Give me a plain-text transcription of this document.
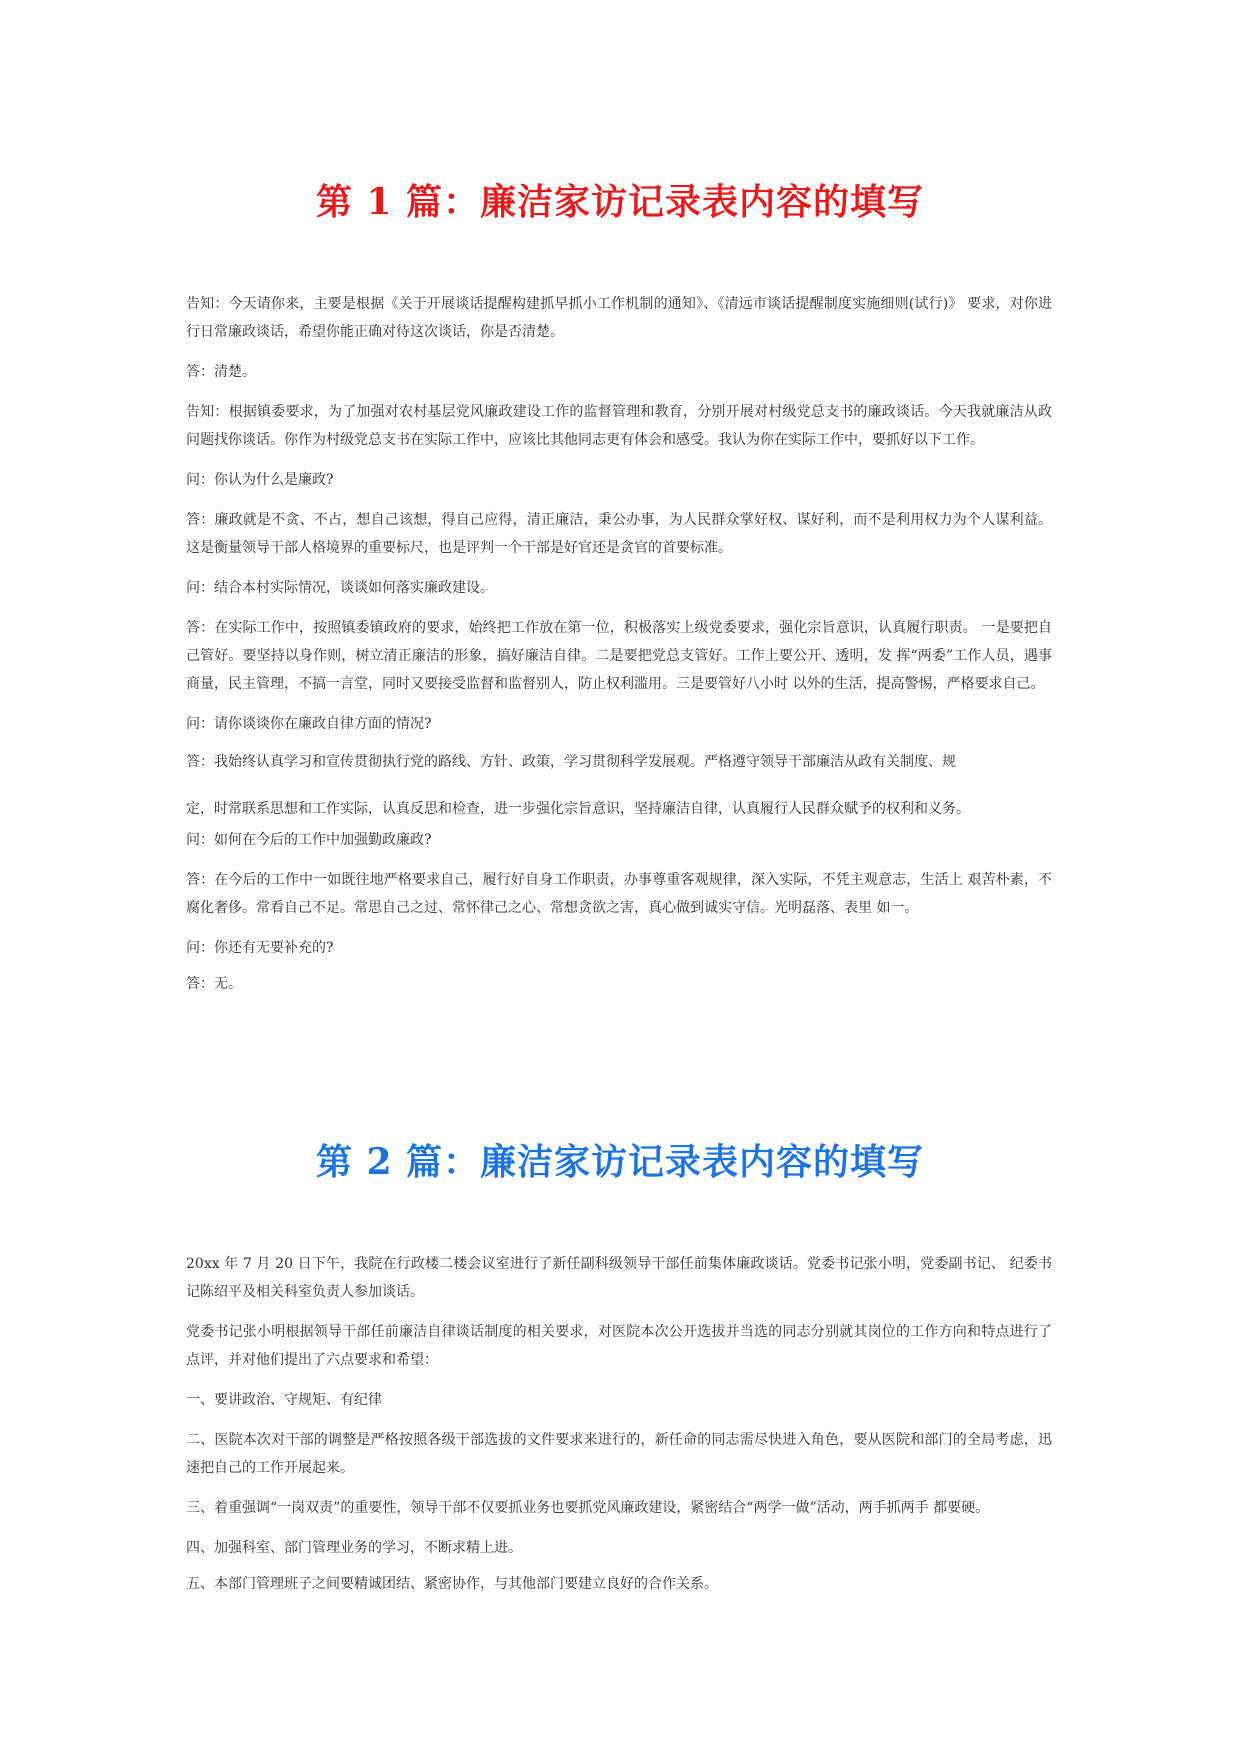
第 1 篇：廉洁家访记录表内容的填写

告知：今天请你来，主要是根据《关于开展谈话提醒构建抓早抓小工作机制的通知》、《清远市谈话提醒制度实施细则(试行)》 要求，对你进行日常廉政谈话，希望你能正确对待这次谈话，你是否清楚。

答：清楚。

告知：根据镇委要求，为了加强对农村基层党风廉政建设工作的监督管理和教育，分别开展对村级党总支书的廉政谈话。今天我就廉洁从政问题找你谈话。你作为村级党总支书在实际工作中，应该比其他同志更有体会和感受。我认为你在实际工作中，要抓好以下工作。

问：你认为什么是廉政?

答：廉政就是不贪、不占，想自己该想，得自己应得，清正廉洁，秉公办事，为人民群众掌好权、谋好利，而不是利用权力为个人谋利益。这是衡量领导干部人格境界的重要标尺，也是评判一个干部是好官还是贪官的首要标准。

问：结合本村实际情况，谈谈如何落实廉政建设。

答：在实际工作中，按照镇委镇政府的要求，始终把工作放在第一位，积极落实上级党委要求，强化宗旨意识，认真履行职责。 一是要把自己管好。要坚持以身作则，树立清正廉洁的形象，搞好廉洁自律。二是要把党总支管好。工作上要公开、透明，发 挥“两委”工作人员，遇事商量，民主管理，不搞一言堂，同时又要接受监督和监督别人，防止权利滥用。三是要管好八小时 以外的生活，提高警惕，严格要求自己。

问：请你谈谈你在廉政自律方面的情况?

答：我始终认真学习和宣传贯彻执行党的路线、方针、政策，学习贯彻科学发展观。严格遵守领导干部廉洁从政有关制度、规

定，时常联系思想和工作实际，认真反思和检查，进一步强化宗旨意识，坚持廉洁自律，认真履行人民群众赋予的权利和义务。

问：如何在今后的工作中加强勤政廉政?

答：在今后的工作中一如既往地严格要求自己，履行好自身工作职责，办事尊重客观规律，深入实际，不凭主观意志，生活上 艰苦朴素，不腐化奢侈。常看自己不足。常思自己之过、常怀律己之心、常想贪欲之害，真心做到诚实守信。光明磊落、表里 如一。

问：你还有无要补充的?

答：无。

第 2 篇：廉洁家访记录表内容的填写

20xx 年 7 月 20 日下午，我院在行政楼二楼会议室进行了新任副科级领导干部任前集体廉政谈话。党委书记张小明，党委副书记、 纪委书记陈绍平及相关科室负责人参加谈话。

党委书记张小明根据领导干部任前廉洁自律谈话制度的相关要求，对医院本次公开选拔并当选的同志分别就其岗位的工作方向和特点进行了点评，并对他们提出了六点要求和希望：

一、要讲政治、守规矩、有纪律

二、医院本次对干部的调整是严格按照各级干部选拔的文件要求来进行的，新任命的同志需尽快进入角色，要从医院和部门的全局考虑，迅速把自己的工作开展起来。

三、着重强调“一岗双责”的重要性，领导干部不仅要抓业务也要抓党风廉政建设，紧密结合“两学一做”活动，两手抓两手 都要硬。

四、加强科室、部门管理业务的学习，不断求精上进。

五、本部门管理班子之间要精诚团结、紧密协作，与其他部门要建立良好的合作关系。
